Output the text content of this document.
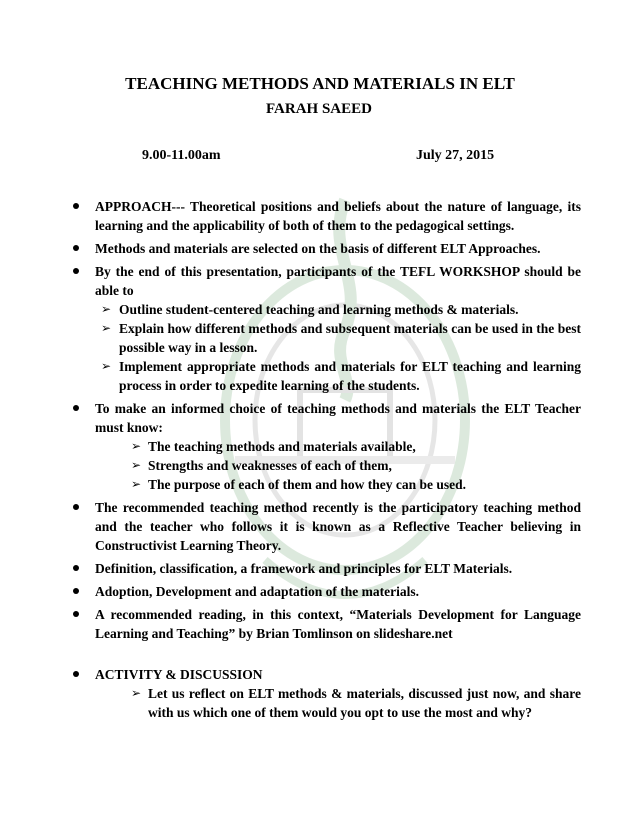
TEACHING METHODS AND MATERIALS IN ELT
FARAH SAEED
9.00-11.00am	July 27, 2015
APPROACH--- Theoretical positions and beliefs about the nature of language, its learning and the applicability of both of them to the pedagogical settings.
Methods and materials are selected on the basis of different ELT Approaches.
By the end of this presentation, participants of the TEFL WORKSHOP should be able to
➢ Outline student-centered teaching and learning methods & materials.
➢ Explain how different methods and subsequent materials can be used in the best possible way in a lesson.
➢ Implement appropriate methods and materials for ELT teaching and learning process in order to expedite learning of the students.
To make an informed choice of teaching methods and materials the ELT Teacher must know:
➢ The teaching methods and materials available,
➢ Strengths and weaknesses of each of them,
➢ The purpose of each of them and how they can be used.
The recommended teaching method recently is the participatory teaching method and the teacher who follows it is known as a Reflective Teacher believing in Constructivist Learning Theory.
Definition, classification, a framework and principles for ELT Materials.
Adoption, Development and adaptation of the materials.
A recommended reading, in this context, “Materials Development for Language Learning and Teaching” by Brian Tomlinson on slideshare.net
ACTIVITY & DISCUSSION
➢ Let us reflect on ELT methods & materials, discussed just now, and share with us which one of them would you opt to use the most and why?
